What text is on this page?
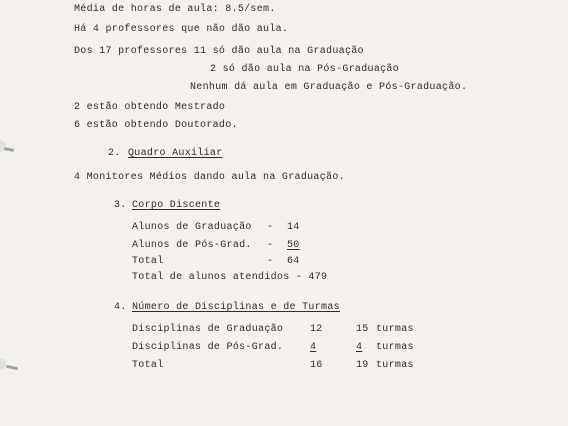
Média de horas de aula: 8.5/sem.
Há 4 professores que não dão aula.
Dos 17 professores 11 só dão aula na Graduação
2 só dão aula na Pós-Graduação
Nenhum dá aula em Graduação e Pós-Graduação.
2 estão obtendo Mestrado
6 estão obtendo Doutorado.
2. Quadro Auxiliar
4 Monitores Médios dando aula na Graduação.
3. Corpo Discente
Alunos de Graduação - 14
Alunos de Pós-Grad. - 50
Total	- 64
Total de alunos atendidos - 479
4. Número de Disciplinas e de Turmas
Disciplinas de Graduação	12	15 turmas
Disciplinas de Pós-Grad.	4	4 turmas
Total	16	19 turmas
